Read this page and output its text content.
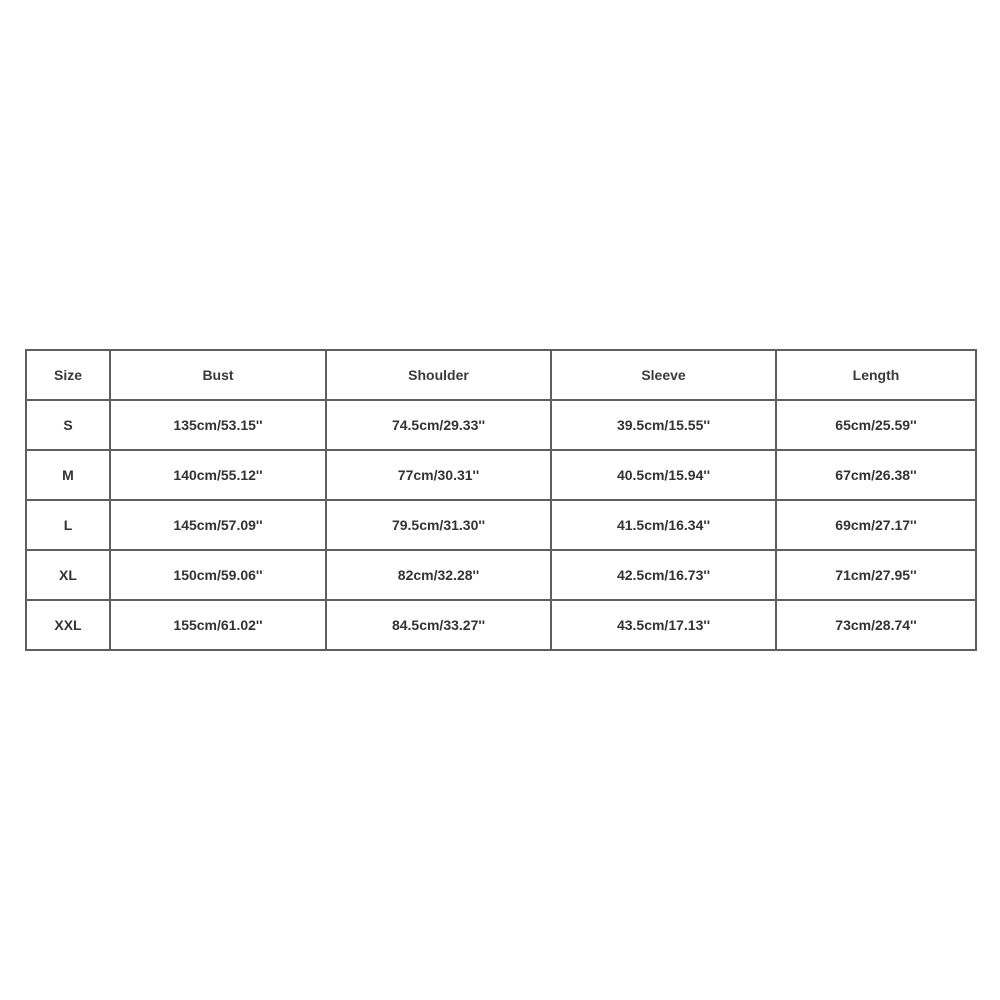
Size	Bust	Shoulder	Sleeve	Length
S	135cm/53.15''	74.5cm/29.33''	39.5cm/15.55''	65cm/25.59''
M	140cm/55.12''	77cm/30.31''	40.5cm/15.94''	67cm/26.38''
L	145cm/57.09''	79.5cm/31.30''	41.5cm/16.34''	69cm/27.17''
XL	150cm/59.06''	82cm/32.28''	42.5cm/16.73''	71cm/27.95''
XXL	155cm/61.02''	84.5cm/33.27''	43.5cm/17.13''	73cm/28.74''
